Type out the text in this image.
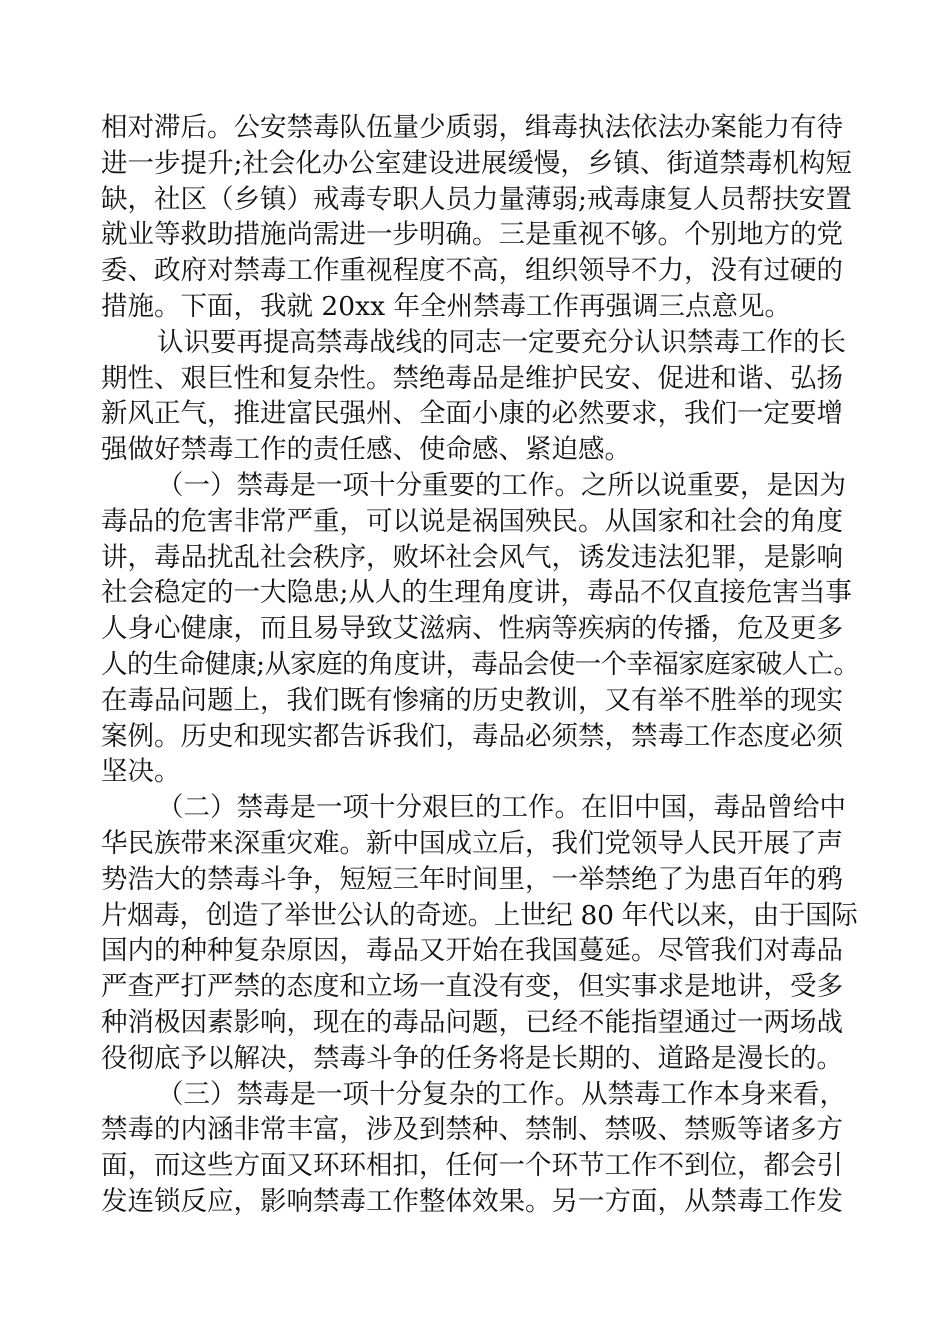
相对滞后。公安禁毒队伍量少质弱，缉毒执法依法办案能力有待
进一步提升;社会化办公室建设进展缓慢，乡镇、街道禁毒机构短
缺，社区（乡镇）戒毒专职人员力量薄弱;戒毒康复人员帮扶安置
就业等救助措施尚需进一步明确。三是重视不够。个别地方的党
委、政府对禁毒工作重视程度不高，组织领导不力，没有过硬的
措施。下面，我就 20xx 年全州禁毒工作再强调三点意见。
认识要再提高禁毒战线的同志一定要充分认识禁毒工作的长
期性、艰巨性和复杂性。禁绝毒品是维护民安、促进和谐、弘扬
新风正气，推进富民强州、全面小康的必然要求，我们一定要增
强做好禁毒工作的责任感、使命感、紧迫感。
（一）禁毒是一项十分重要的工作。之所以说重要，是因为
毒品的危害非常严重，可以说是祸国殃民。从国家和社会的角度
讲，毒品扰乱社会秩序，败坏社会风气，诱发违法犯罪，是影响
社会稳定的一大隐患;从人的生理角度讲，毒品不仅直接危害当事
人身心健康，而且易导致艾滋病、性病等疾病的传播，危及更多
人的生命健康;从家庭的角度讲，毒品会使一个幸福家庭家破人亡。
在毒品问题上，我们既有惨痛的历史教训，又有举不胜举的现实
案例。历史和现实都告诉我们，毒品必须禁，禁毒工作态度必须
坚决。
（二）禁毒是一项十分艰巨的工作。在旧中国，毒品曾给中
华民族带来深重灾难。新中国成立后，我们党领导人民开展了声
势浩大的禁毒斗争，短短三年时间里，一举禁绝了为患百年的鸦
片烟毒，创造了举世公认的奇迹。上世纪 80 年代以来，由于国际
国内的种种复杂原因，毒品又开始在我国蔓延。尽管我们对毒品
严查严打严禁的态度和立场一直没有变，但实事求是地讲，受多
种消极因素影响，现在的毒品问题，已经不能指望通过一两场战
役彻底予以解决，禁毒斗争的任务将是长期的、道路是漫长的。
（三）禁毒是一项十分复杂的工作。从禁毒工作本身来看，
禁毒的内涵非常丰富，涉及到禁种、禁制、禁吸、禁贩等诸多方
面，而这些方面又环环相扣，任何一个环节工作不到位，都会引
发连锁反应，影响禁毒工作整体效果。另一方面，从禁毒工作发
